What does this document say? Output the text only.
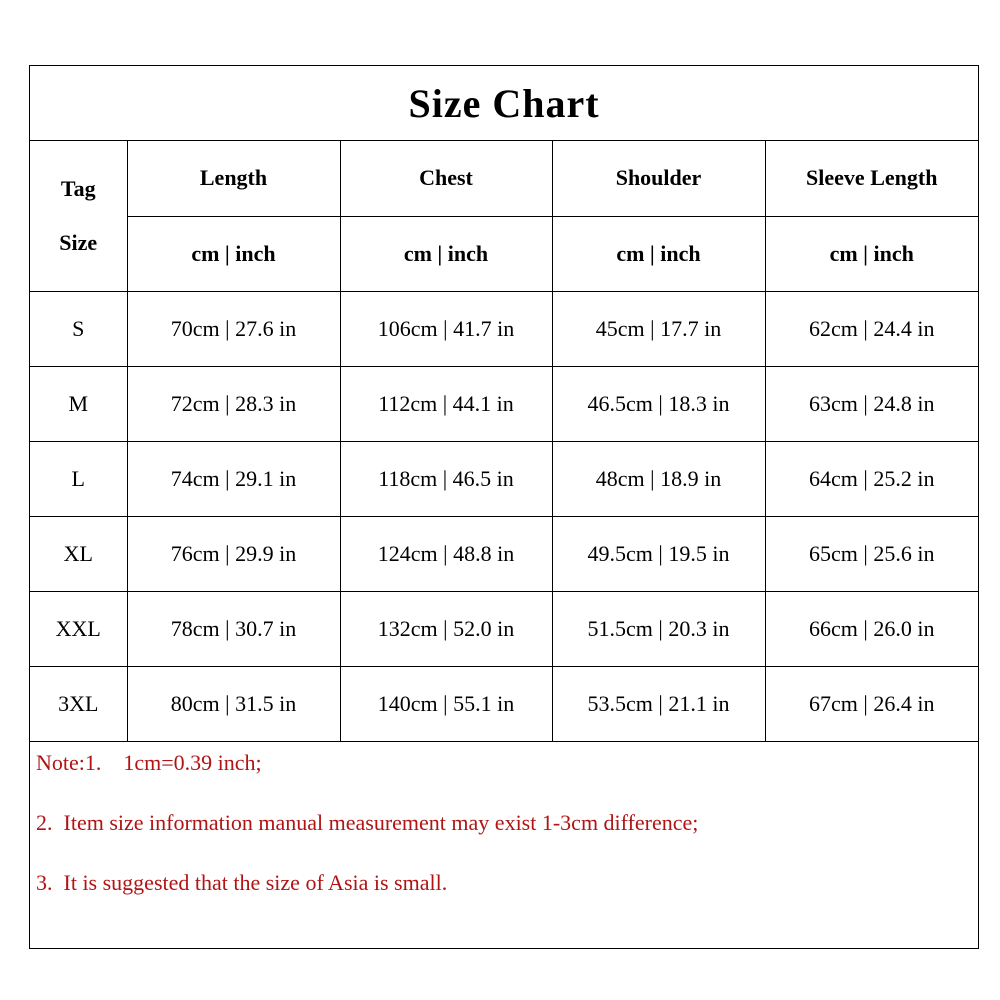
Size Chart
Tag
Size	Length	Chest	Shoulder	Sleeve Length
	cm | inch	cm | inch	cm | inch	cm | inch
S	70cm | 27.6 in	106cm | 41.7 in	45cm | 17.7 in	62cm | 24.4 in
M	72cm | 28.3 in	112cm | 44.1 in	46.5cm | 18.3 in	63cm | 24.8 in
L	74cm | 29.1 in	118cm | 46.5 in	48cm | 18.9 in	64cm | 25.2 in
XL	76cm | 29.9 in	124cm | 48.8 in	49.5cm | 19.5 in	65cm | 25.6 in
XXL	78cm | 30.7 in	132cm | 52.0 in	51.5cm | 20.3 in	66cm | 26.0 in
3XL	80cm | 31.5 in	140cm | 55.1 in	53.5cm | 21.1 in	67cm | 26.4 in
Note:1.    1cm=0.39 inch;
2.  Item size information manual measurement may exist 1-3cm difference;
3.  It is suggested that the size of Asia is small.
